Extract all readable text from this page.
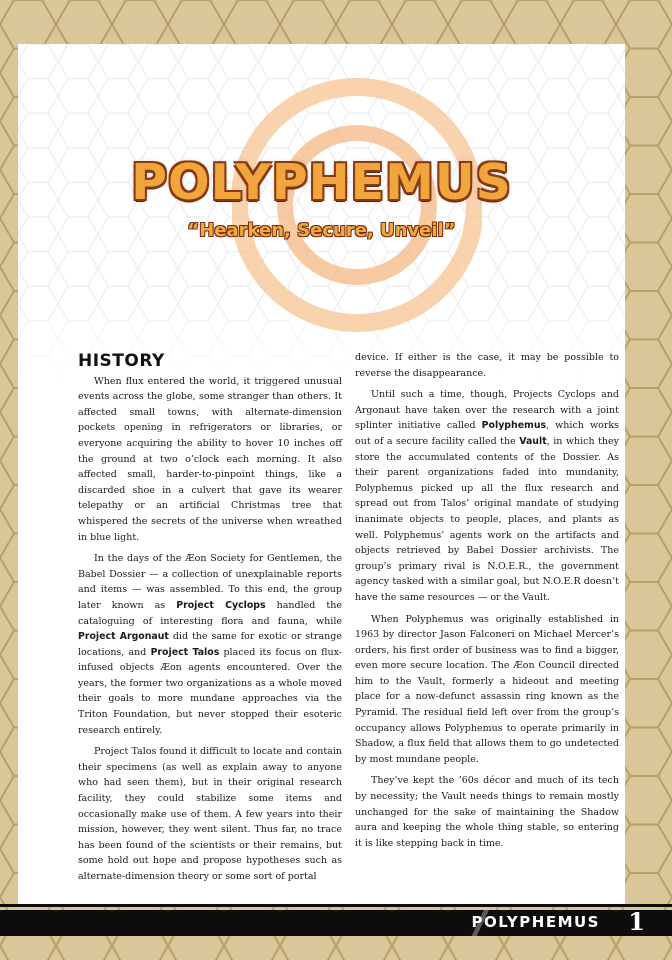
POLYPHEMUS
“Hearken, Secure, Unveil”
HISTORY

When flux entered the world, it triggered unusual events across the globe, some stranger than others. It affected small towns, with alternate-dimension pockets opening in refrigerators or libraries, or everyone acquiring the ability to hover 10 inches off the ground at two o’clock each morning. It also affected small, harder-to-pinpoint things, like a discarded shoe in a culvert that gave its wearer telepathy or an artificial Christmas tree that whispered the secrets of the universe when wreathed in blue light.

In the days of the Æon Society for Gentlemen, the Babel Dossier — a collection of unexplainable reports and items — was assembled. To this end, the group later known as Project Cyclops handled the cataloguing of interesting flora and fauna, while Project Argonaut did the same for exotic or strange locations, and Project Talos placed its focus on flux-infused objects Æon agents encountered. Over the years, the former two organizations as a whole moved their goals to more mundane approaches via the Triton Foundation, but never stopped their esoteric research entirely.

Project Talos found it difficult to locate and contain their specimens (as well as explain away to anyone who had seen them), but in their original research facility, they could stabilize some items and occasionally make use of them. A few years into their mission, however, they went silent. Thus far, no trace has been found of the scientists or their remains, but some hold out hope and propose hypotheses such as alternate-dimension theory or some sort of portal

device. If either is the case, it may be possible to reverse the disappearance.

Until such a time, though, Projects Cyclops and Argonaut have taken over the research with a joint splinter initiative called Polyphemus, which works out of a secure facility called the Vault, in which they store the accumulated contents of the Dossier. As their parent organizations faded into mundanity, Polyphemus picked up all the flux research and spread out from Talos’ original mandate of studying inanimate objects to people, places, and plants as well. Polyphemus’ agents work on the artifacts and objects retrieved by Babel Dossier archivists. The group’s primary rival is N.O.E.R., the government agency tasked with a similar goal, but N.O.E.R doesn’t have the same resources — or the Vault.

When Polyphemus was originally established in 1963 by director Jason Falconeri on Michael Mercer’s orders, his first order of business was to find a bigger, even more secure location. The Æon Council directed him to the Vault, formerly a hideout and meeting place for a now-defunct assassin ring known as the Pyramid. The residual field left over from the group’s occupancy allows Polyphemus to operate primarily in Shadow, a flux field that allows them to go undetected by most mundane people.

They’ve kept the ’60s décor and much of its tech by necessity; the Vault needs things to remain mostly unchanged for the sake of maintaining the Shadow aura and keeping the whole thing stable, so entering it is like stepping back in time.

POLYPHEMUS 1
